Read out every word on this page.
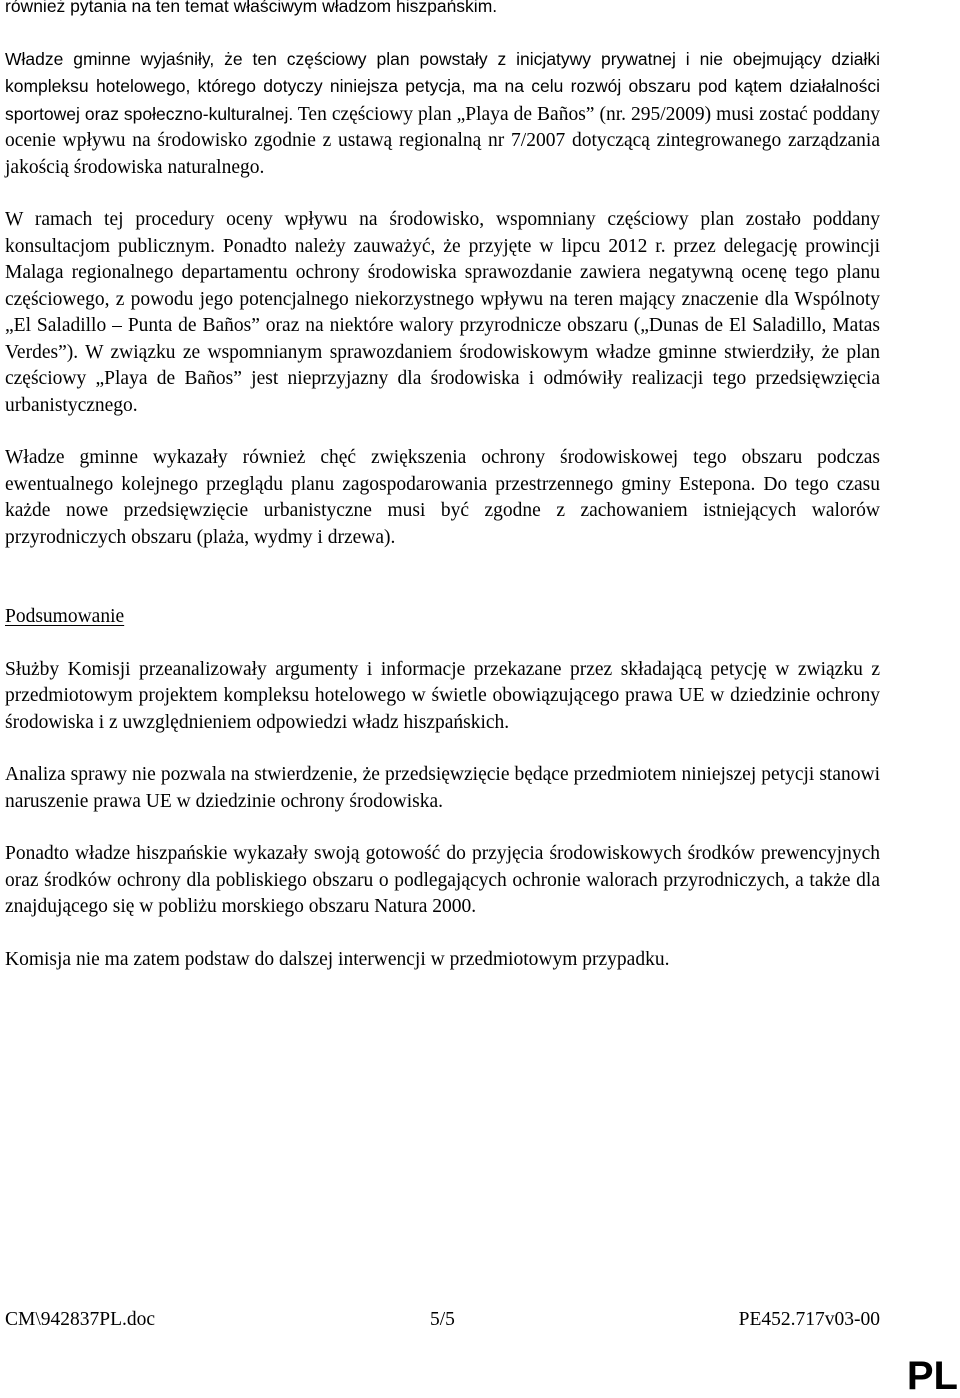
również pytania na ten temat właściwym władzom hiszpańskim.

Władze gminne wyjaśniły, że ten częściowy plan powstały z inicjatywy prywatnej i nie obejmujący działki kompleksu hotelowego, którego dotyczy niniejsza petycja, ma na celu rozwój obszaru pod kątem działalności sportowej oraz społeczno-kulturalnej. Ten częściowy plan „Playa de Baños” (nr. 295/2009) musi zostać poddany ocenie wpływu na środowisko zgodnie z ustawą regionalną nr 7/2007 dotyczącą zintegrowanego zarządzania jakością środowiska naturalnego.

W ramach tej procedury oceny wpływu na środowisko, wspomniany częściowy plan zostało poddany konsultacjom publicznym. Ponadto należy zauważyć, że przyjęte w lipcu 2012 r. przez delegację prowincji Malaga regionalnego departamentu ochrony środowiska sprawozdanie zawiera negatywną ocenę tego planu częściowego, z powodu jego potencjalnego niekorzystnego wpływu na teren mający znaczenie dla Wspólnoty „El Saladillo – Punta de Baños” oraz na niektóre walory przyrodnicze obszaru („Dunas de El Saladillo, Matas Verdes”). W związku ze wspomnianym sprawozdaniem środowiskowym władze gminne stwierdziły, że plan częściowy „Playa de Baños” jest nieprzyjazny dla środowiska i odmówiły realizacji tego przedsięwzięcia urbanistycznego.

Władze gminne wykazały również chęć zwiększenia ochrony środowiskowej tego obszaru podczas ewentualnego kolejnego przeglądu planu zagospodarowania przestrzennego gminy Estepona. Do tego czasu każde nowe przedsięwzięcie urbanistyczne musi być zgodne z zachowaniem istniejących walorów przyrodniczych obszaru (plaża, wydmy i drzewa).

Podsumowanie

Służby Komisji przeanalizowały argumenty i informacje przekazane przez składającą petycję w związku z przedmiotowym projektem kompleksu hotelowego w świetle obowiązującego prawa UE w dziedzinie ochrony środowiska i z uwzględnieniem odpowiedzi władz hiszpańskich.

Analiza sprawy nie pozwala na stwierdzenie, że przedsięwzięcie będące przedmiotem niniejszej petycji stanowi naruszenie prawa UE w dziedzinie ochrony środowiska.

Ponadto władze hiszpańskie wykazały swoją gotowość do przyjęcia środowiskowych środków prewencyjnych oraz środków ochrony dla pobliskiego obszaru o podlegających ochronie walorach przyrodniczych, a także dla znajdującego się w pobliżu morskiego obszaru Natura 2000.

Komisja nie ma zatem podstaw do dalszej interwencji w przedmiotowym przypadku.

CM\942837PL.doc	5/5	PE452.717v03-00
PL
